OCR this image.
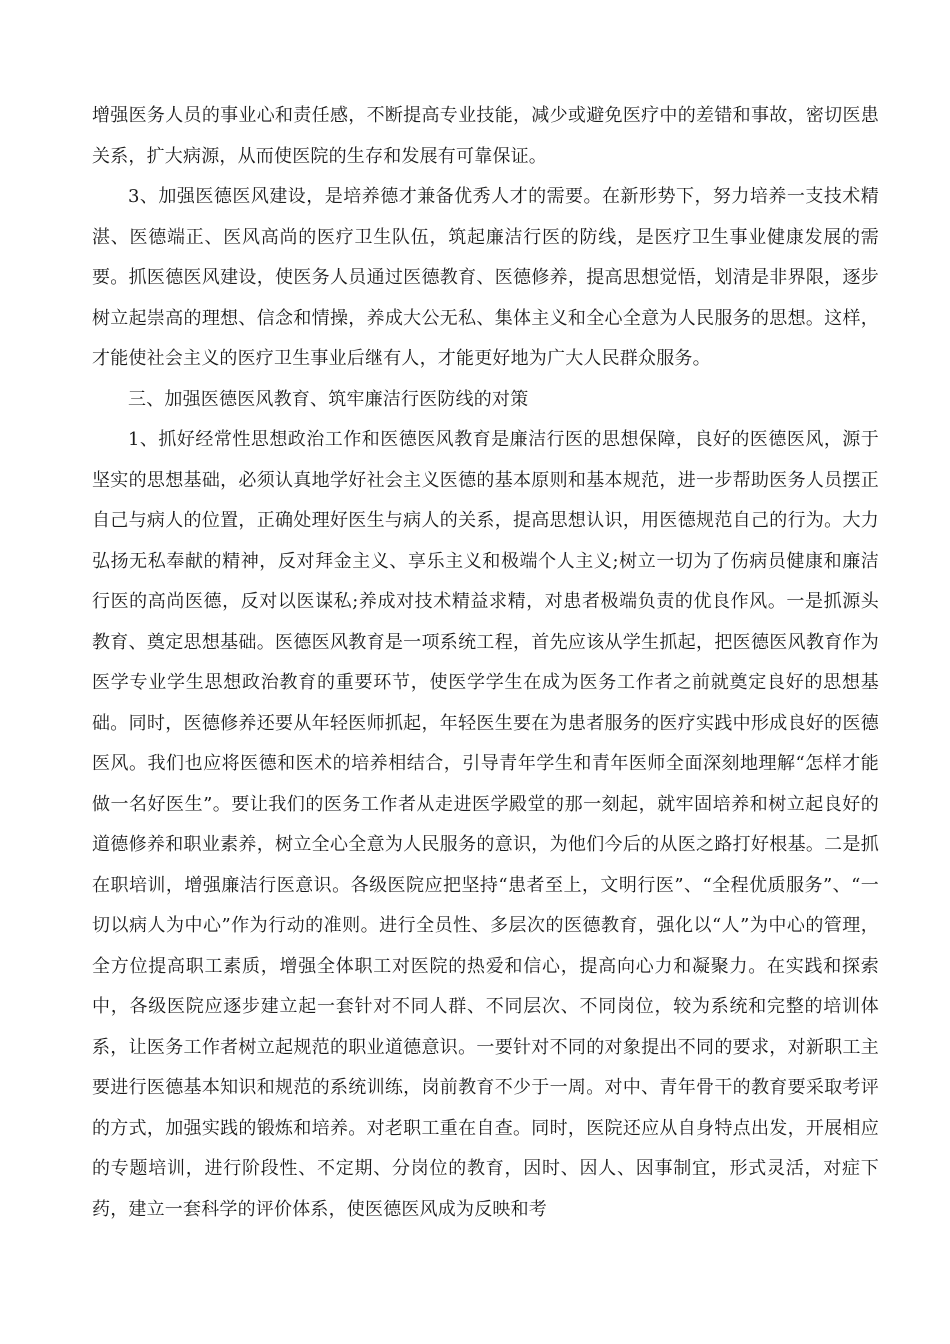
增强医务人员的事业心和责任感，不断提高专业技能，减少或避免医疗中的差错和事故，密切医患关系，扩大病源，从而使医院的生存和发展有可靠保证。

3、加强医德医风建设，是培养德才兼备优秀人才的需要。在新形势下，努力培养一支技术精湛、医德端正、医风高尚的医疗卫生队伍，筑起廉洁行医的防线，是医疗卫生事业健康发展的需要。抓医德医风建设，使医务人员通过医德教育、医德修养，提高思想觉悟，划清是非界限，逐步树立起崇高的理想、信念和情操，养成大公无私、集体主义和全心全意为人民服务的思想。这样，才能使社会主义的医疗卫生事业后继有人，才能更好地为广大人民群众服务。

三、加强医德医风教育、筑牢廉洁行医防线的对策

1、抓好经常性思想政治工作和医德医风教育是廉洁行医的思想保障，良好的医德医风，源于坚实的思想基础，必须认真地学好社会主义医德的基本原则和基本规范，进一步帮助医务人员摆正自己与病人的位置，正确处理好医生与病人的关系，提高思想认识，用医德规范自己的行为。大力弘扬无私奉献的精神，反对拜金主义、享乐主义和极端个人主义;树立一切为了伤病员健康和廉洁行医的高尚医德，反对以医谋私;养成对技术精益求精，对患者极端负责的优良作风。一是抓源头教育、奠定思想基础。医德医风教育是一项系统工程，首先应该从学生抓起，把医德医风教育作为医学专业学生思想政治教育的重要环节，使医学学生在成为医务工作者之前就奠定良好的思想基础。同时，医德修养还要从年轻医师抓起，年轻医生要在为患者服务的医疗实践中形成良好的医德医风。我们也应将医德和医术的培养相结合，引导青年学生和青年医师全面深刻地理解“怎样才能做一名好医生”。要让我们的医务工作者从走进医学殿堂的那一刻起，就牢固培养和树立起良好的道德修养和职业素养，树立全心全意为人民服务的意识，为他们今后的从医之路打好根基。二是抓在职培训，增强廉洁行医意识。各级医院应把坚持“患者至上，文明行医”、“全程优质服务”、“一切以病人为中心”作为行动的准则。进行全员性、多层次的医德教育，强化以“人”为中心的管理，全方位提高职工素质，增强全体职工对医院的热爱和信心，提高向心力和凝聚力。在实践和探索中，各级医院应逐步建立起一套针对不同人群、不同层次、不同岗位，较为系统和完整的培训体系，让医务工作者树立起规范的职业道德意识。一要针对不同的对象提出不同的要求，对新职工主要进行医德基本知识和规范的系统训练，岗前教育不少于一周。对中、青年骨干的教育要采取考评的方式，加强实践的锻炼和培养。对老职工重在自查。同时，医院还应从自身特点出发，开展相应的专题培训，进行阶段性、不定期、分岗位的教育，因时、因人、因事制宜，形式灵活，对症下药，建立一套科学的评价体系，使医德医风成为反映和考
